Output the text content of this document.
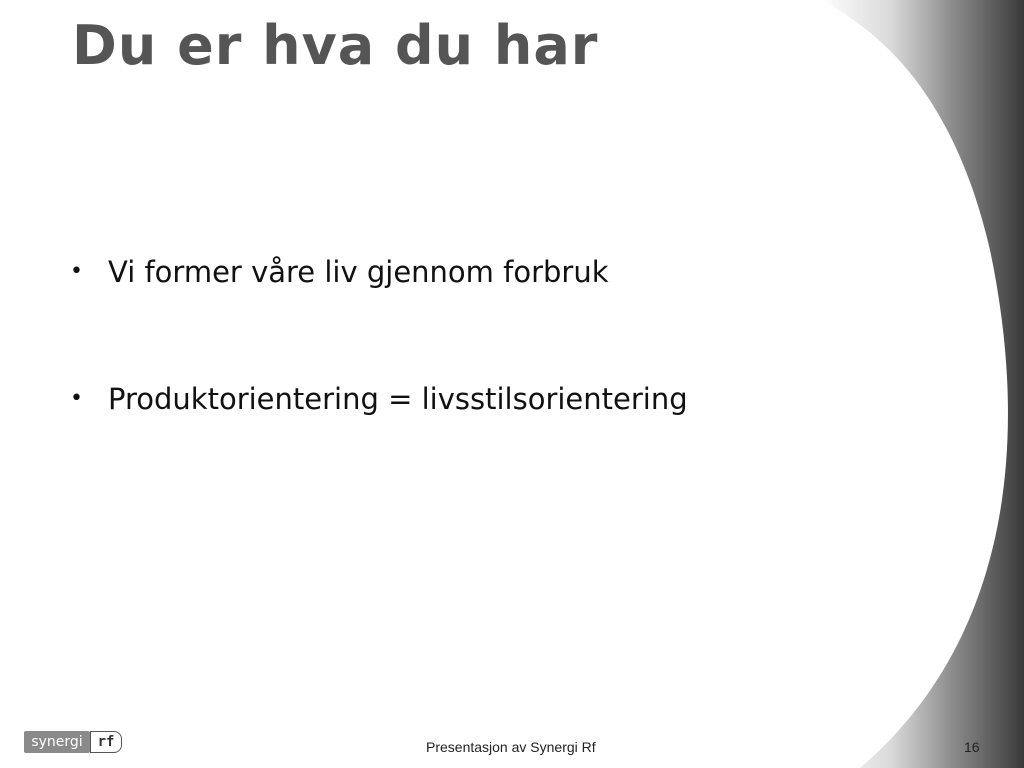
Du er hva du har
• Vi former våre liv gjennom forbruk
• Produktorientering = livsstilsorientering
synergi	rf	Presentasjon av Synergi Rf	16
